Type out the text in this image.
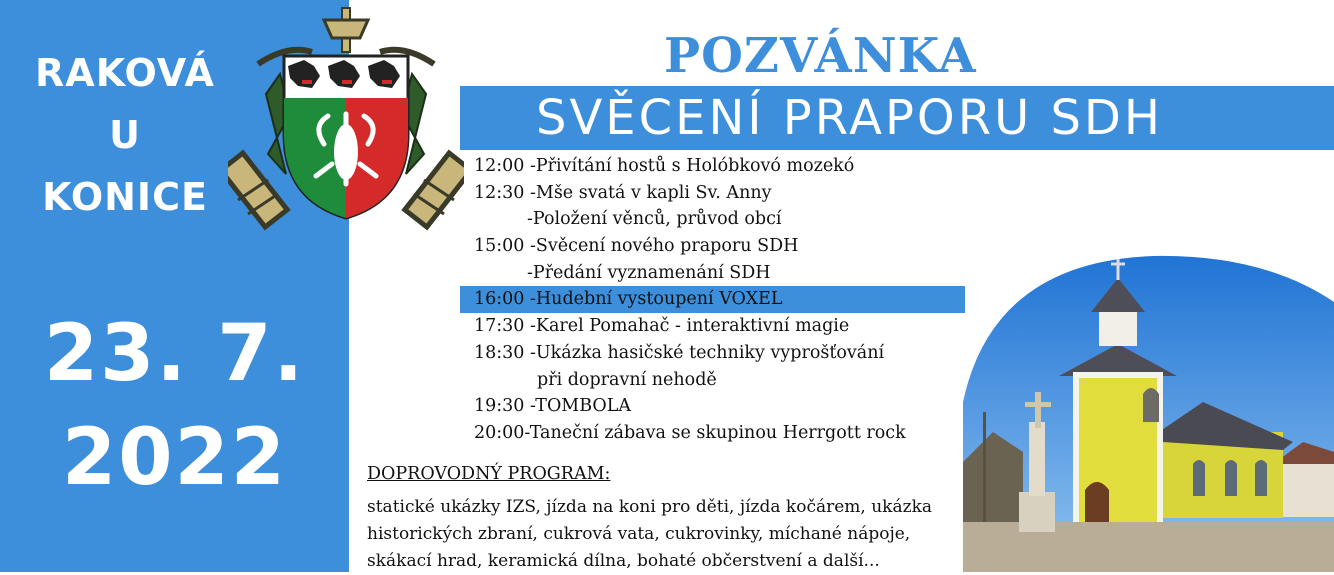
RAKOVÁ
U
KONICE
23. 7.
2022
POZVÁNKA
SVĚCENÍ PRAPORU SDH
12:00 -Přivítání hostů s Holóbkovó mozekó
12:30 -Mše svatá v kapli Sv. Anny
-Položení věnců, průvod obcí
15:00 -Svěcení nového praporu SDH
-Předání vyznamenání SDH
16:00 -Hudební vystoupení VOXEL
17:30 -Karel Pomahač - interaktivní magie
18:30 -Ukázka hasičské techniky vyprošťování
při dopravní nehodě
19:30 -TOMBOLA
20:00-Taneční zábava se skupinou Herrgott rock
DOPROVODNÝ PROGRAM:
statické ukázky IZS, jízda na koni pro děti, jízda kočárem, ukázka
historických zbraní, cukrová vata, cukrovinky, míchané nápoje,
skákací hrad, keramická dílna, bohaté občerstvení a další...
